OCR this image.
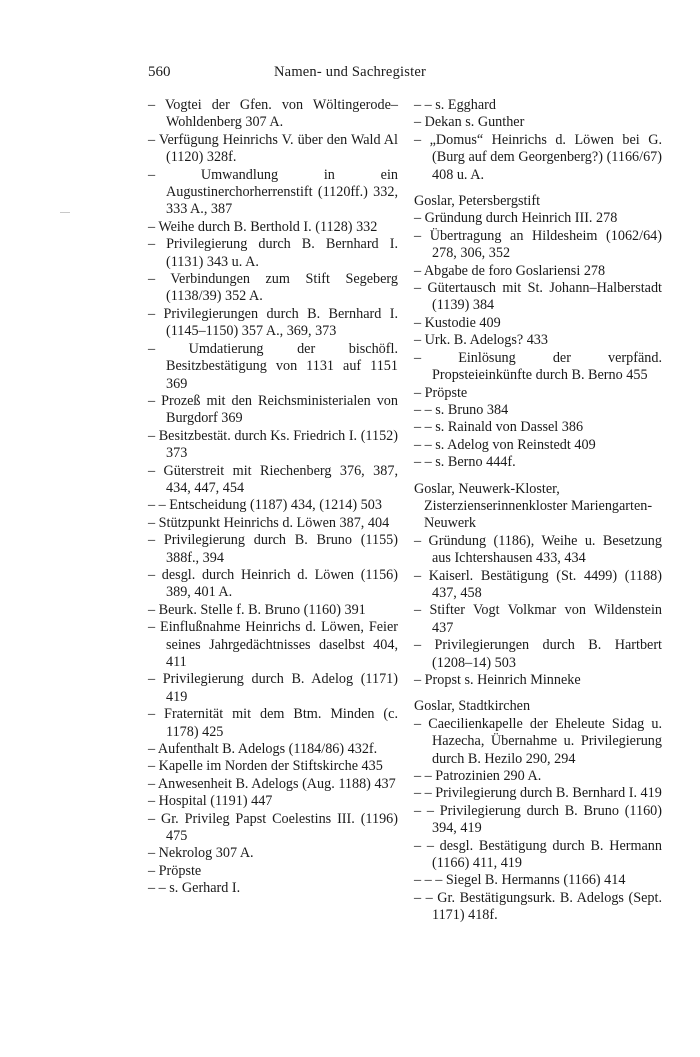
560	Namen- und Sachregister

– Vogtei der Gfen. von Wöltingerode–Wohldenberg 307 A.

– Verfügung Heinrichs V. über den Wald Al (1120) 328f.

– Umwandlung in ein Augustinerchorherrenstift (1120ff.) 332, 333 A., 387

– Weihe durch B. Berthold I. (1128) 332

– Privilegierung durch B. Bernhard I. (1131) 343 u. A.

– Verbindungen zum Stift Segeberg (1138/39) 352 A.

– Privilegierungen durch B. Bernhard I. (1145–1150) 357 A., 369, 373

– Umdatierung der bischöfl. Besitzbestätigung von 1131 auf 1151 369

– Prozeß mit den Reichsministerialen von Burgdorf 369

– Besitzbestät. durch Ks. Friedrich I. (1152) 373

– Güterstreit mit Riechenberg 376, 387, 434, 447, 454

– – Entscheidung (1187) 434, (1214) 503

– Stützpunkt Heinrichs d. Löwen 387, 404

– Privilegierung durch B. Bruno (1155) 388f., 394

– desgl. durch Heinrich d. Löwen (1156) 389, 401 A.

– Beurk. Stelle f. B. Bruno (1160) 391

– Einflußnahme Heinrichs d. Löwen, Feier seines Jahrgedächtnisses daselbst 404, 411

– Privilegierung durch B. Adelog (1171) 419

– Fraternität mit dem Btm. Minden (c. 1178) 425

– Aufenthalt B. Adelogs (1184/86) 432f.

– Kapelle im Norden der Stiftskirche 435

– Anwesenheit B. Adelogs (Aug. 1188) 437

– Hospital (1191) 447

– Gr. Privileg Papst Coelestins III. (1196) 475

– Nekrolog 307 A.

– Pröpste

– – s. Gerhard I.

– – s. Egghard

– Dekan s. Gunther

– „Domus“ Heinrichs d. Löwen bei G. (Burg auf dem Georgenberg?) (1166/67) 408 u. A.

Goslar, Petersbergstift

– Gründung durch Heinrich III. 278

– Übertragung an Hildesheim (1062/64) 278, 306, 352

– Abgabe de foro Goslariensi 278

– Gütertausch mit St. Johann–Halberstadt (1139) 384

– Kustodie 409

– Urk. B. Adelogs? 433

– Einlösung der verpfänd. Propsteieinkünfte durch B. Berno 455

– Pröpste

– – s. Bruno 384

– – s. Rainald von Dassel 386

– – s. Adelog von Reinstedt 409

– – s. Berno 444f.

Goslar, Neuwerk-Kloster, Zisterzienserinnenkloster Mariengarten-Neuwerk

– Gründung (1186), Weihe u. Besetzung aus Ichtershausen 433, 434

– Kaiserl. Bestätigung (St. 4499) (1188) 437, 458

– Stifter Vogt Volkmar von Wildenstein 437

– Privilegierungen durch B. Hartbert (1208–14) 503

– Propst s. Heinrich Minneke

Goslar, Stadtkirchen

– Caecilienkapelle der Eheleute Sidag u. Hazecha, Übernahme u. Privilegierung durch B. Hezilo 290, 294

– – Patrozinien 290 A.

– – Privilegierung durch B. Bernhard I. 419

– – Privilegierung durch B. Bruno (1160) 394, 419

– – desgl. Bestätigung durch B. Hermann (1166) 411, 419

– – – Siegel B. Hermanns (1166) 414

– – Gr. Bestätigungsurk. B. Adelogs (Sept. 1171) 418f.
